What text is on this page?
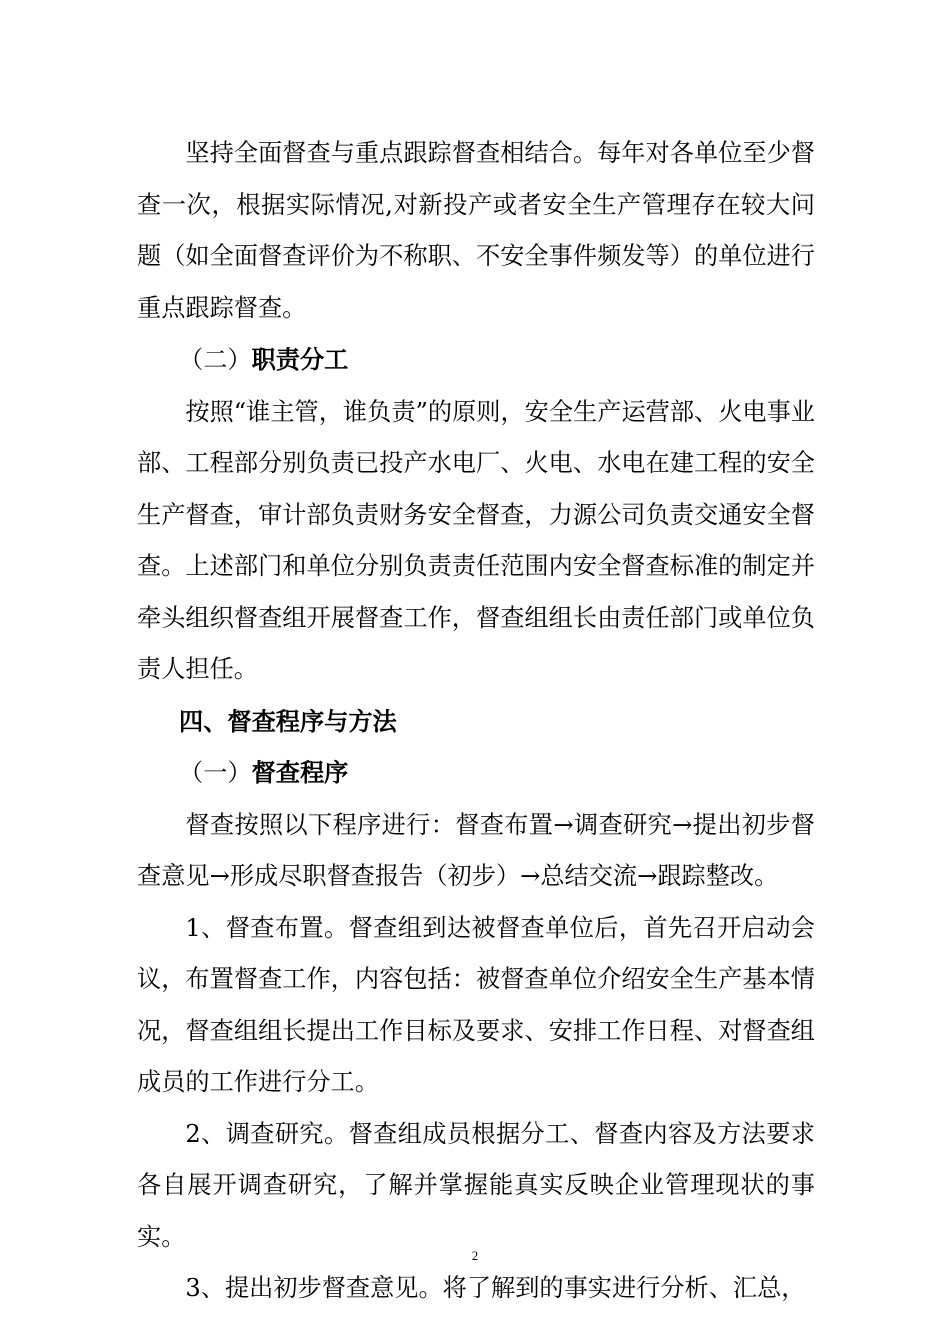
坚持全面督查与重点跟踪督查相结合。每年对各单位至少督查一次，根据实际情况,对新投产或者安全生产管理存在较大问题（如全面督查评价为不称职、不安全事件频发等）的单位进行重点跟踪督查。

（二）职责分工

按照“谁主管，谁负责”的原则，安全生产运营部、火电事业部、工程部分别负责已投产水电厂、火电、水电在建工程的安全生产督查，审计部负责财务安全督查，力源公司负责交通安全督查。上述部门和单位分别负责责任范围内安全督查标准的制定并牵头组织督查组开展督查工作，督查组组长由责任部门或单位负责人担任。

四、督查程序与方法

（一）督查程序

督查按照以下程序进行：督查布置→调查研究→提出初步督查意见→形成尽职督查报告（初步）→总结交流→跟踪整改。

1、督查布置。督查组到达被督查单位后，首先召开启动会议，布置督查工作，内容包括：被督查单位介绍安全生产基本情况，督查组组长提出工作目标及要求、安排工作日程、对督查组成员的工作进行分工。

2、调查研究。督查组成员根据分工、督查内容及方法要求各自展开调查研究，了解并掌握能真实反映企业管理现状的事实。

3、提出初步督查意见。将了解到的事实进行分析、汇总，

2
